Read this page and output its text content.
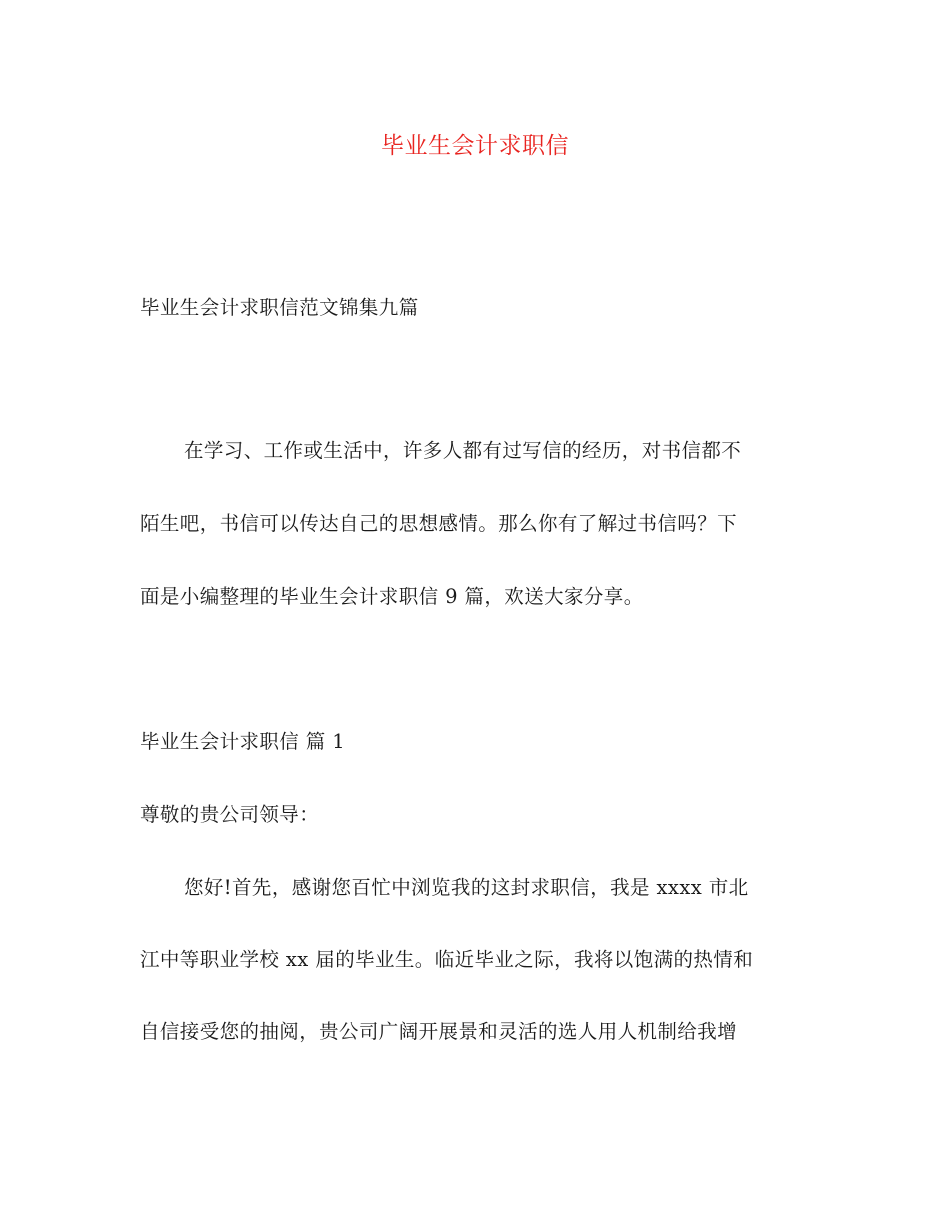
毕业生会计求职信
毕业生会计求职信范文锦集九篇
在学习、工作或生活中，许多人都有过写信的经历，对书信都不
陌生吧，书信可以传达自己的思想感情。那么你有了解过书信吗？下
面是小编整理的毕业生会计求职信 9 篇，欢送大家分享。
毕业生会计求职信 篇 1
尊敬的贵公司领导：
您好!首先，感谢您百忙中浏览我的这封求职信，我是 xxxx 市北
江中等职业学校 xx 届的毕业生。临近毕业之际，我将以饱满的热情和
自信接受您的抽阅，贵公司广阔开展景和灵活的选人用人机制给我增
